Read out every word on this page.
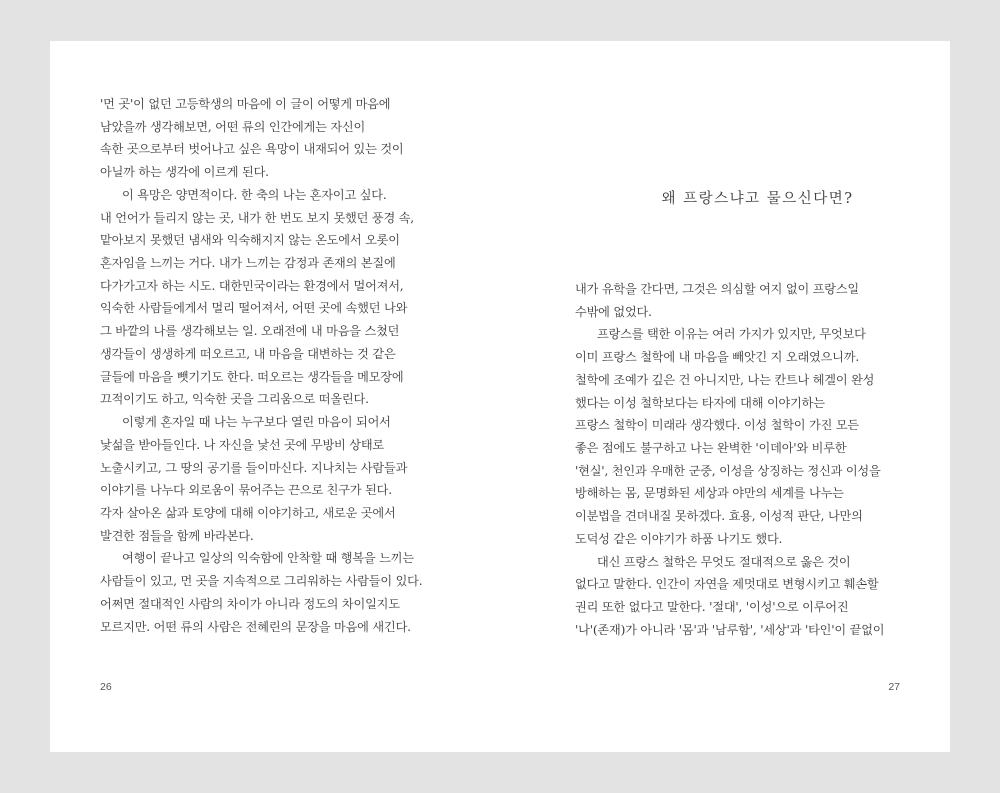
'먼 곳'이 없던 고등학생의 마음에 이 글이 어떻게 마음에
남았을까 생각해보면, 어떤 류의 인간에게는 자신이
속한 곳으로부터 벗어나고 싶은 욕망이 내재되어 있는 것이
아닐까 하는 생각에 이르게 된다.
이 욕망은 양면적이다. 한 축의 나는 혼자이고 싶다.
내 언어가 들리지 않는 곳, 내가 한 번도 보지 못했던 풍경 속,
맡아보지 못했던 냄새와 익숙해지지 않는 온도에서 오롯이
혼자임을 느끼는 거다. 내가 느끼는 감정과 존재의 본질에
다가가고자 하는 시도. 대한민국이라는 환경에서 멀어져서,
익숙한 사람들에게서 멀리 떨어져서, 어떤 곳에 속했던 나와
그 바깥의 나를 생각해보는 일. 오래전에 내 마음을 스쳤던
생각들이 생생하게 떠오르고, 내 마음을 대변하는 것 같은
글들에 마음을 뺏기기도 한다. 떠오르는 생각들을 메모장에
끄적이기도 하고, 익숙한 곳을 그리움으로 떠올린다.
이렇게 혼자일 때 나는 누구보다 열린 마음이 되어서
낯섦을 받아들인다. 나 자신을 낯선 곳에 무방비 상태로
노출시키고, 그 땅의 공기를 들이마신다. 지나치는 사람들과
이야기를 나누다 외로움이 묶어주는 끈으로 친구가 된다.
각자 살아온 삶과 토양에 대해 이야기하고, 새로운 곳에서
발견한 점들을 함께 바라본다.
여행이 끝나고 일상의 익숙함에 안착할 때 행복을 느끼는
사람들이 있고, 먼 곳을 지속적으로 그리워하는 사람들이 있다.
어쩌면 절대적인 사람의 차이가 아니라 정도의 차이일지도
모르지만. 어떤 류의 사람은 전혜린의 문장을 마음에 새긴다.
26
왜 프랑스냐고 물으신다면?
내가 유학을 간다면, 그것은 의심할 여지 없이 프랑스일
수밖에 없었다.
프랑스를 택한 이유는 여러 가지가 있지만, 무엇보다
이미 프랑스 철학에 내 마음을 빼앗긴 지 오래였으니까.
철학에 조예가 깊은 건 아니지만, 나는 칸트나 헤겔이 완성
했다는 이성 철학보다는 타자에 대해 이야기하는
프랑스 철학이 미래라 생각했다. 이성 철학이 가진 모든
좋은 점에도 불구하고 나는 완벽한 '이데아'와 비루한
'현실', 천인과 우매한 군중, 이성을 상징하는 정신과 이성을
방해하는 몸, 문명화된 세상과 야만의 세계를 나누는
이분법을 견뎌내질 못하겠다. 효용, 이성적 판단, 나만의
도덕성 같은 이야기가 하품 나기도 했다.
대신 프랑스 철학은 무엇도 절대적으로 옳은 것이
없다고 말한다. 인간이 자연을 제멋대로 변형시키고 훼손할
권리 또한 없다고 말한다. '절대', '이성'으로 이루어진
'나'(존재)가 아니라 '몸'과 '남루함', '세상'과 '타인'이 끝없이
27
